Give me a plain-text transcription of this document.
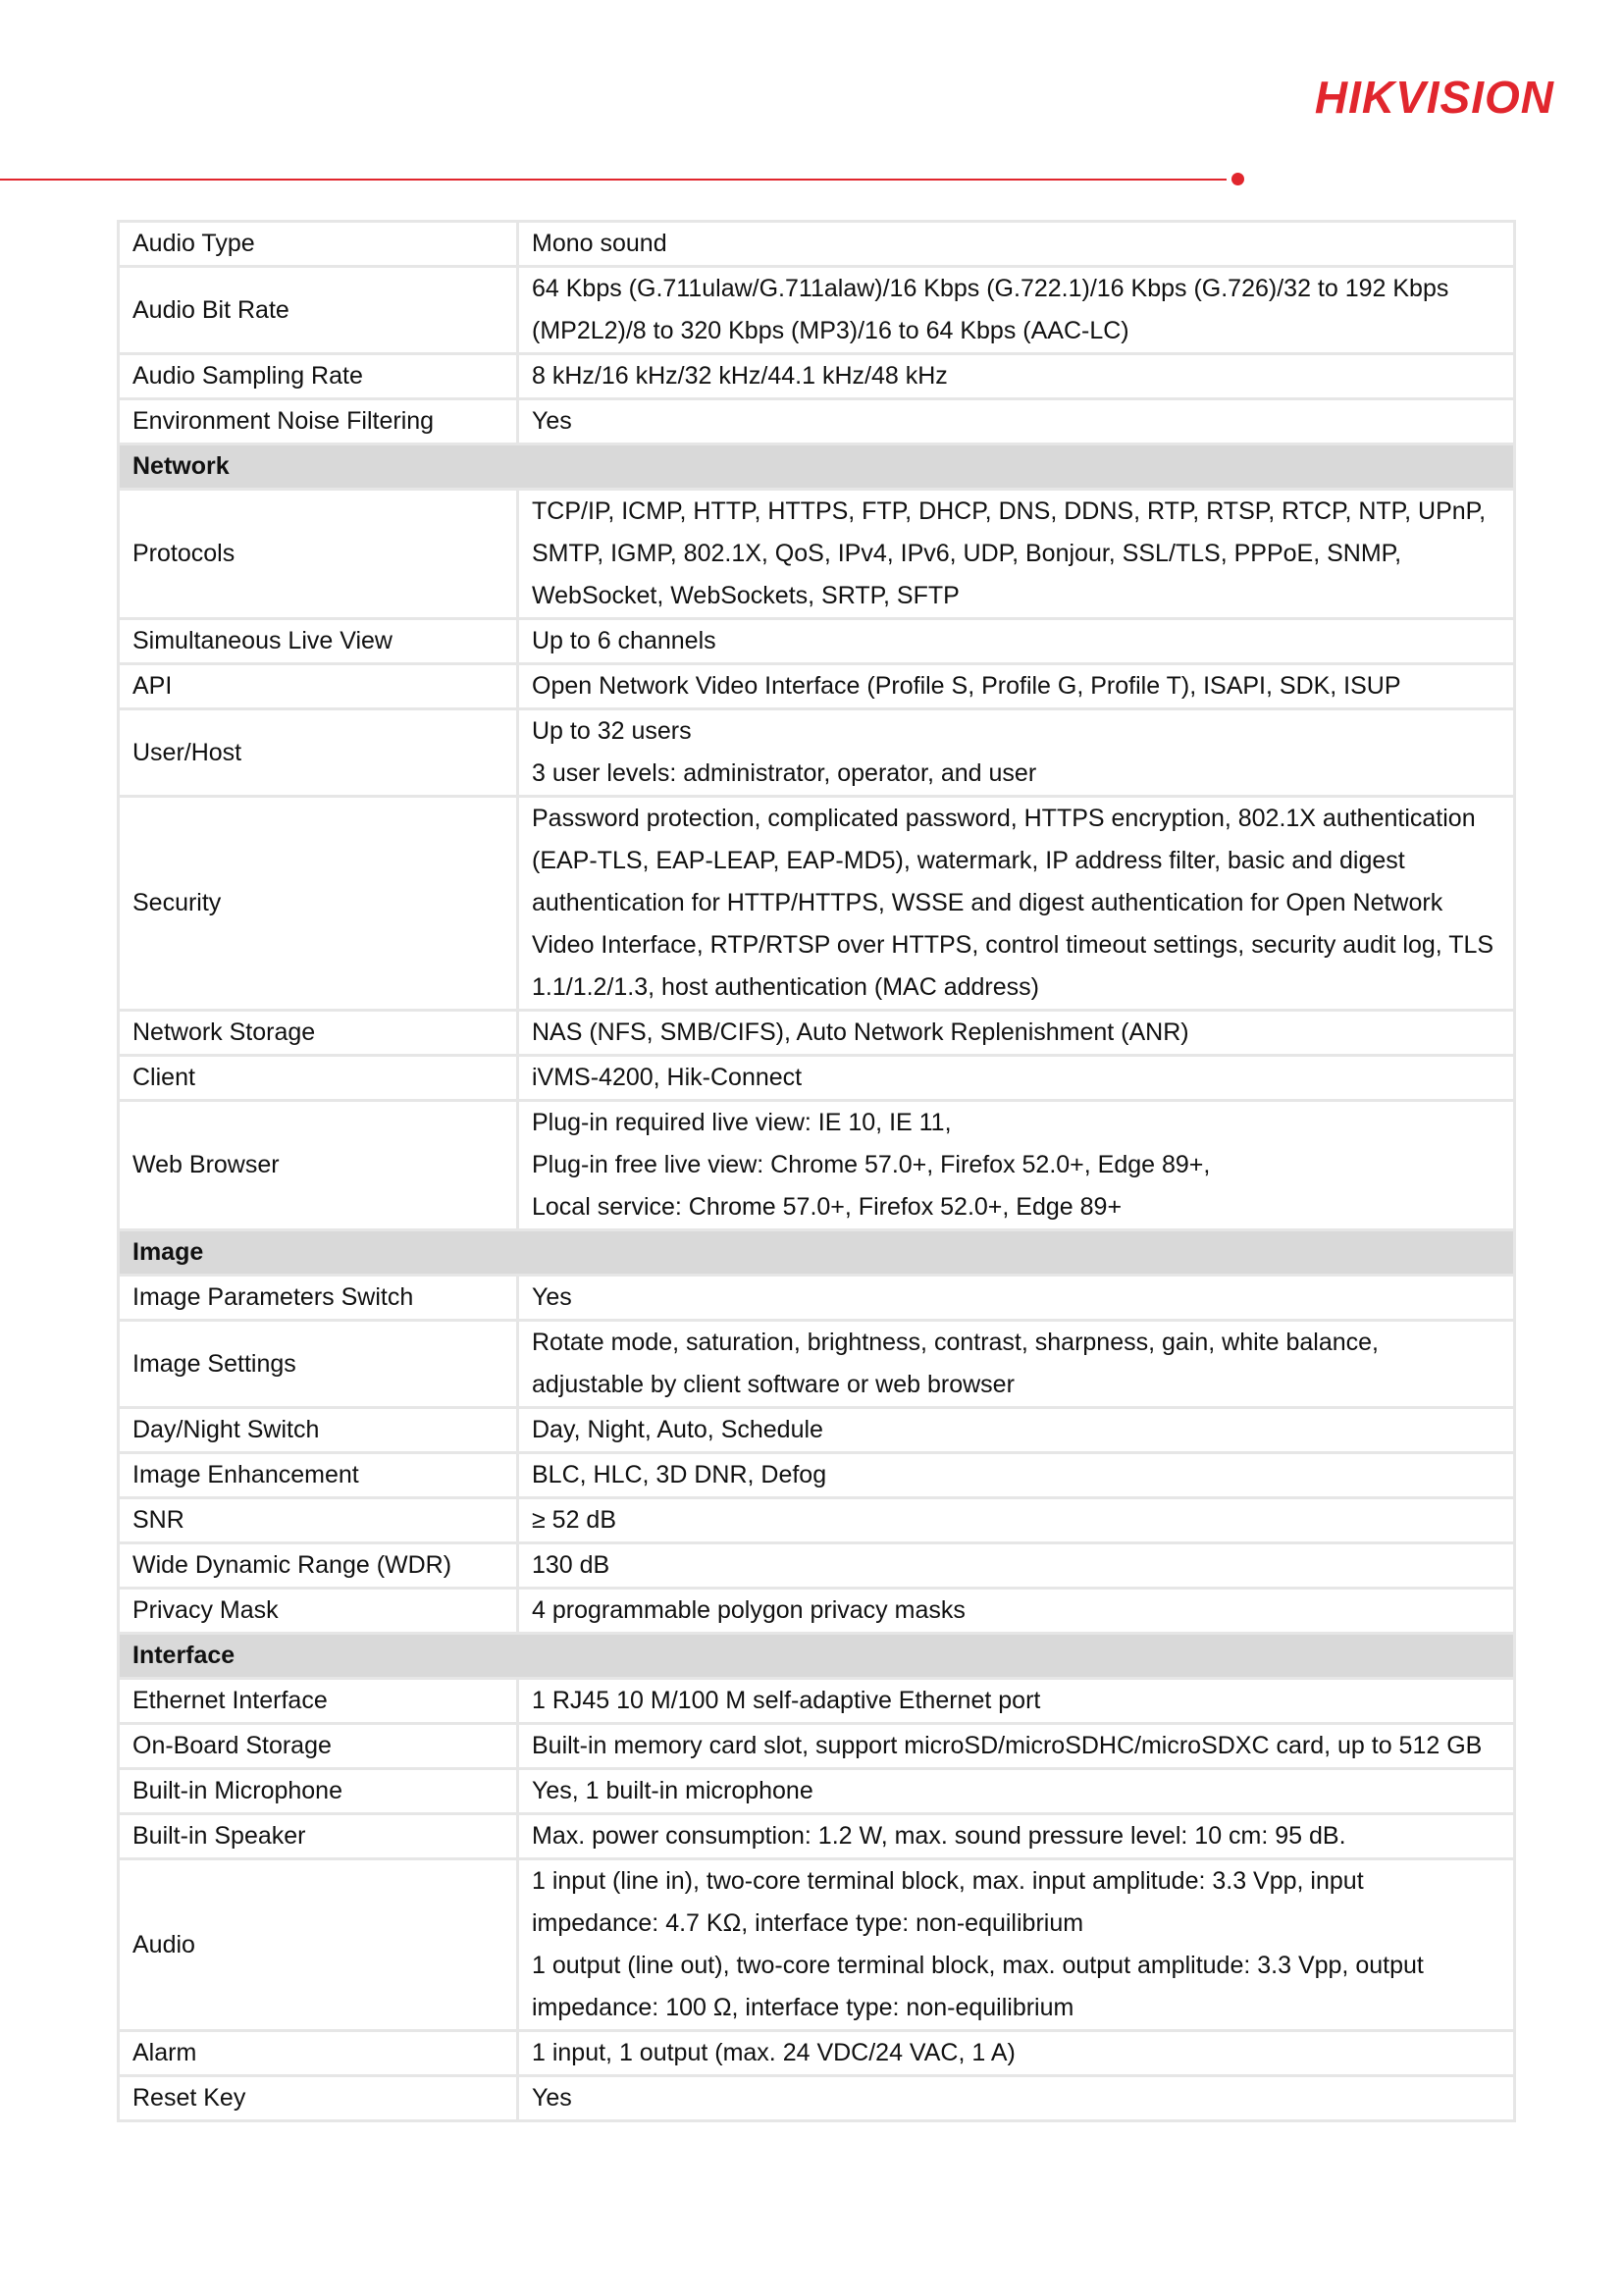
HIKVISION
Audio Type	Mono sound
Audio Bit Rate	64 Kbps (G.711ulaw/G.711alaw)/16 Kbps (G.722.1)/16 Kbps (G.726)/32 to 192 Kbps
(MP2L2)/8 to 320 Kbps (MP3)/16 to 64 Kbps (AAC-LC)
Audio Sampling Rate	8 kHz/16 kHz/32 kHz/44.1 kHz/48 kHz
Environment Noise Filtering	Yes
Network	
Protocols	TCP/IP, ICMP, HTTP, HTTPS, FTP, DHCP, DNS, DDNS, RTP, RTSP, RTCP, NTP, UPnP,
SMTP, IGMP, 802.1X, QoS, IPv4, IPv6, UDP, Bonjour, SSL/TLS, PPPoE, SNMP,
WebSocket, WebSockets, SRTP, SFTP
Simultaneous Live View	Up to 6 channels
API	Open Network Video Interface (Profile S, Profile G, Profile T), ISAPI, SDK, ISUP
User/Host	Up to 32 users
3 user levels: administrator, operator, and user
Security	Password protection, complicated password, HTTPS encryption, 802.1X authentication
(EAP-TLS, EAP-LEAP, EAP-MD5), watermark, IP address filter, basic and digest
authentication for HTTP/HTTPS, WSSE and digest authentication for Open Network
Video Interface, RTP/RTSP over HTTPS, control timeout settings, security audit log, TLS
1.1/1.2/1.3, host authentication (MAC address)
Network Storage	NAS (NFS, SMB/CIFS), Auto Network Replenishment (ANR)
Client	iVMS-4200, Hik-Connect
Web Browser	Plug-in required live view: IE 10, IE 11,
Plug-in free live view: Chrome 57.0+, Firefox 52.0+, Edge 89+,
Local service: Chrome 57.0+, Firefox 52.0+, Edge 89+
Image	
Image Parameters Switch	Yes
Image Settings	Rotate mode, saturation, brightness, contrast, sharpness, gain, white balance,
adjustable by client software or web browser
Day/Night Switch	Day, Night, Auto, Schedule
Image Enhancement	BLC, HLC, 3D DNR, Defog
SNR	≥ 52 dB
Wide Dynamic Range (WDR)	130 dB
Privacy Mask	4 programmable polygon privacy masks
Interface	
Ethernet Interface	1 RJ45 10 M/100 M self-adaptive Ethernet port
On-Board Storage	Built-in memory card slot, support microSD/microSDHC/microSDXC card, up to 512 GB
Built-in Microphone	Yes, 1 built-in microphone
Built-in Speaker	Max. power consumption: 1.2 W, max. sound pressure level: 10 cm: 95 dB.
Audio	1 input (line in), two-core terminal block, max. input amplitude: 3.3 Vpp, input
impedance: 4.7 KΩ, interface type: non-equilibrium
1 output (line out), two-core terminal block, max. output amplitude: 3.3 Vpp, output
impedance: 100 Ω, interface type: non-equilibrium
Alarm	1 input, 1 output (max. 24 VDC/24 VAC, 1 A)
Reset Key	Yes
